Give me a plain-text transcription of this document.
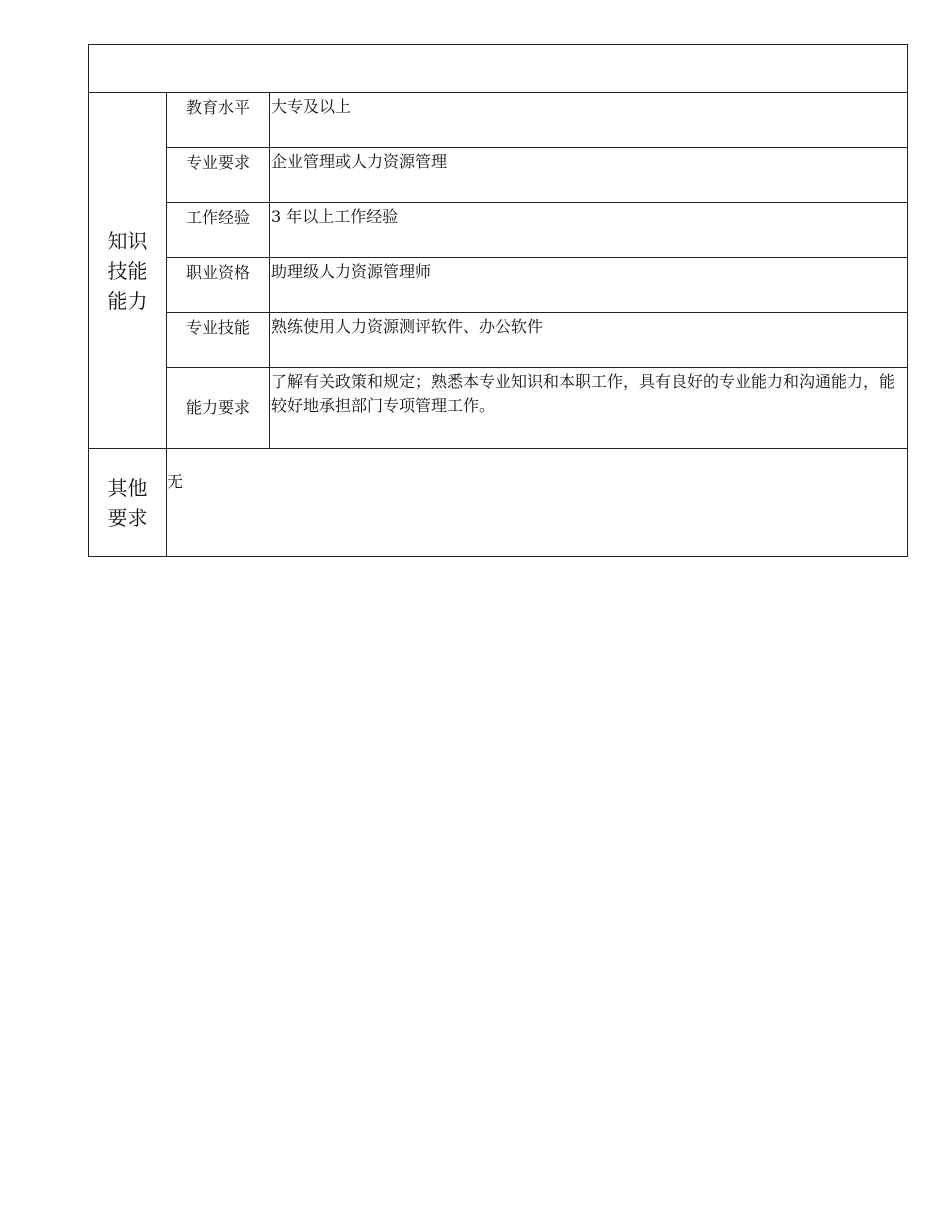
知识
技能
能力	教育水平	大专及以上
	专业要求	企业管理或人力资源管理
	工作经验	3 年以上工作经验
	职业资格	助理级人力资源管理师
	专业技能	熟练使用人力资源测评软件、办公软件
	能力要求	了解有关政策和规定；熟悉本专业知识和本职工作，具有良好的专业能力和沟通能力，能较好地承担部门专项管理工作。

其他
要求	无	
